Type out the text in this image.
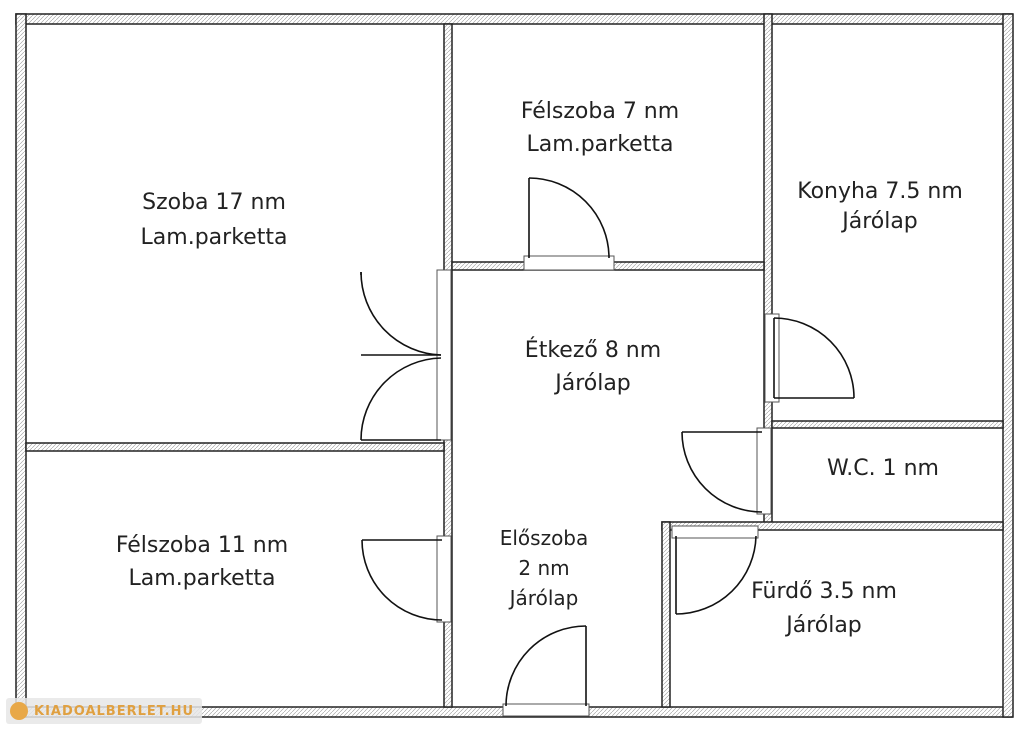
Szoba 17 nm
Lam.parketta
Félszoba 7 nm
Lam.parketta
Konyha 7.5 nm
Járólap
Étkező 8 nm
Járólap
W.C. 1 nm
Félszoba 11 nm
Lam.parketta
Előszoba
2 nm
Járólap	Fürdő 3.5 nm
Járólap
KIADOALBERLET.HU
